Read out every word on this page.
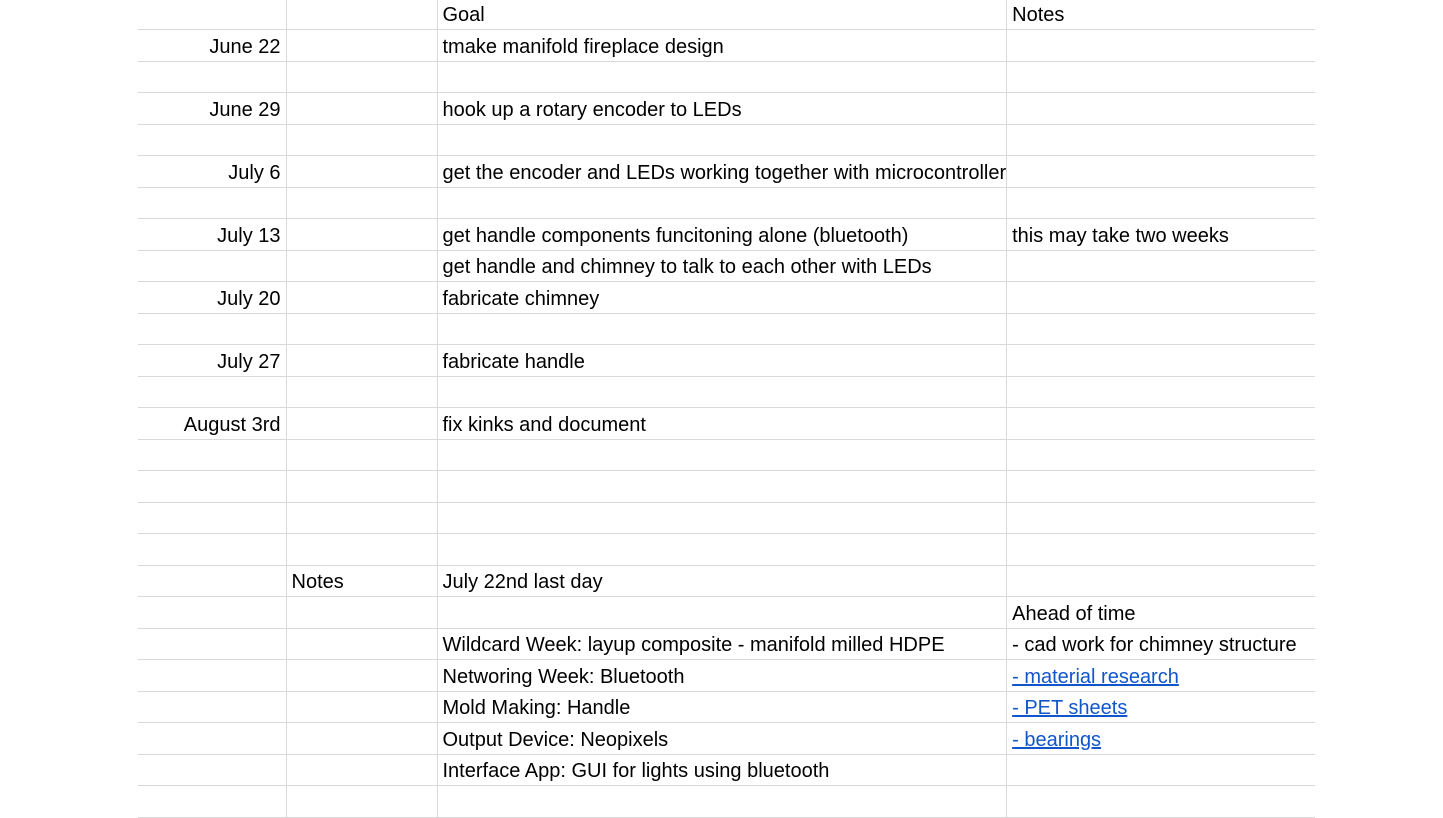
		Goal	Notes
June 22		tmake manifold fireplace design	

June 29		hook up a rotary encoder to LEDs	

July 6		get the encoder and LEDs working together with microcontroller	

July 13		get handle components funcitoning alone (bluetooth)	this may take two weeks
		get handle and chimney to talk to each other with LEDs	
July 20		fabricate chimney	

July 27		fabricate handle	

August 3rd		fix kinks and document	

	Notes	July 22nd last day	
			Ahead of time
		Wildcard Week: layup composite - manifold milled HDPE	- cad work for chimney structure
		Networing Week: Bluetooth	- material research
		Mold Making: Handle	- PET sheets
		Output Device: Neopixels	- bearings
		Interface App: GUI for lights using bluetooth	
